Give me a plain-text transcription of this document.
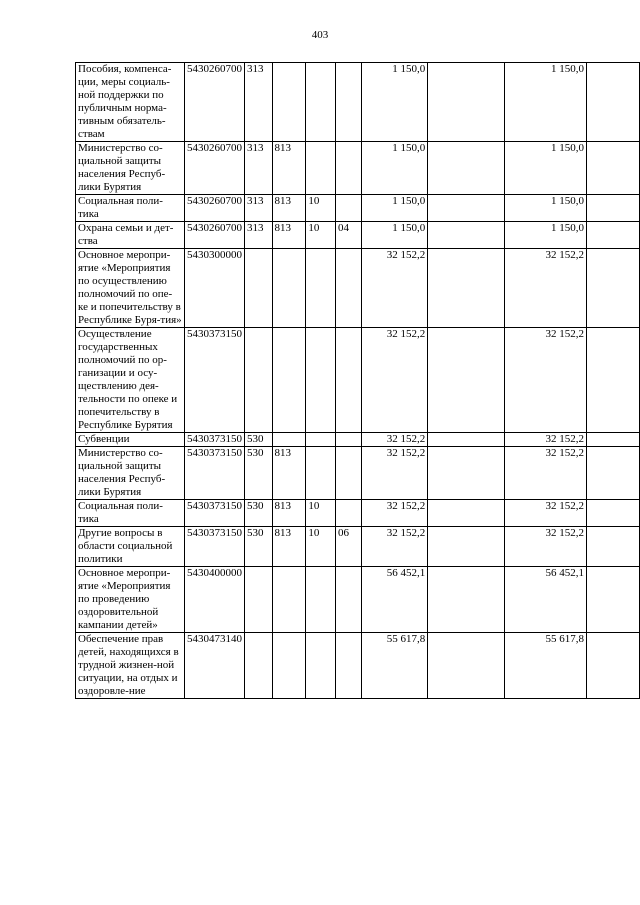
403
Пособия, компенса-ции, меры социаль-ной поддержки по публичным норма-тивным обязатель-ствам	5430260700	313				1 150,0		1 150,0	
Министерство со-циальной защиты населения Респуб-лики Бурятия	5430260700	313	813			1 150,0		1 150,0	
Социальная поли-тика	5430260700	313	813	10		1 150,0		1 150,0	
Охрана семьи и дет-ства	5430260700	313	813	10	04	1 150,0		1 150,0	
Основное меропри-ятие «Мероприятия по осуществлению полномочий по опе-ке и попечительству в Республике Буря-тия»	5430300000					32 152,2		32 152,2	
Осуществление государственных полномочий по ор-ганизации и осу-ществлению дея-тельности по опеке и попечительству в Республике Бурятия	5430373150					32 152,2		32 152,2	
Субвенции	5430373150	530				32 152,2		32 152,2	
Министерство со-циальной защиты населения Респуб-лики Бурятия	5430373150	530	813			32 152,2		32 152,2	
Социальная поли-тика	5430373150	530	813	10		32 152,2		32 152,2	
Другие вопросы в области социальной политики	5430373150	530	813	10	06	32 152,2		32 152,2	
Основное меропри-ятие «Мероприятия по проведению оздоровительной кампании детей»	5430400000					56 452,1		56 452,1	
Обеспечение прав детей, находящихся в трудной жизнен-ной ситуации, на отдых и оздоровле-ние	5430473140					55 617,8		55 617,8	
